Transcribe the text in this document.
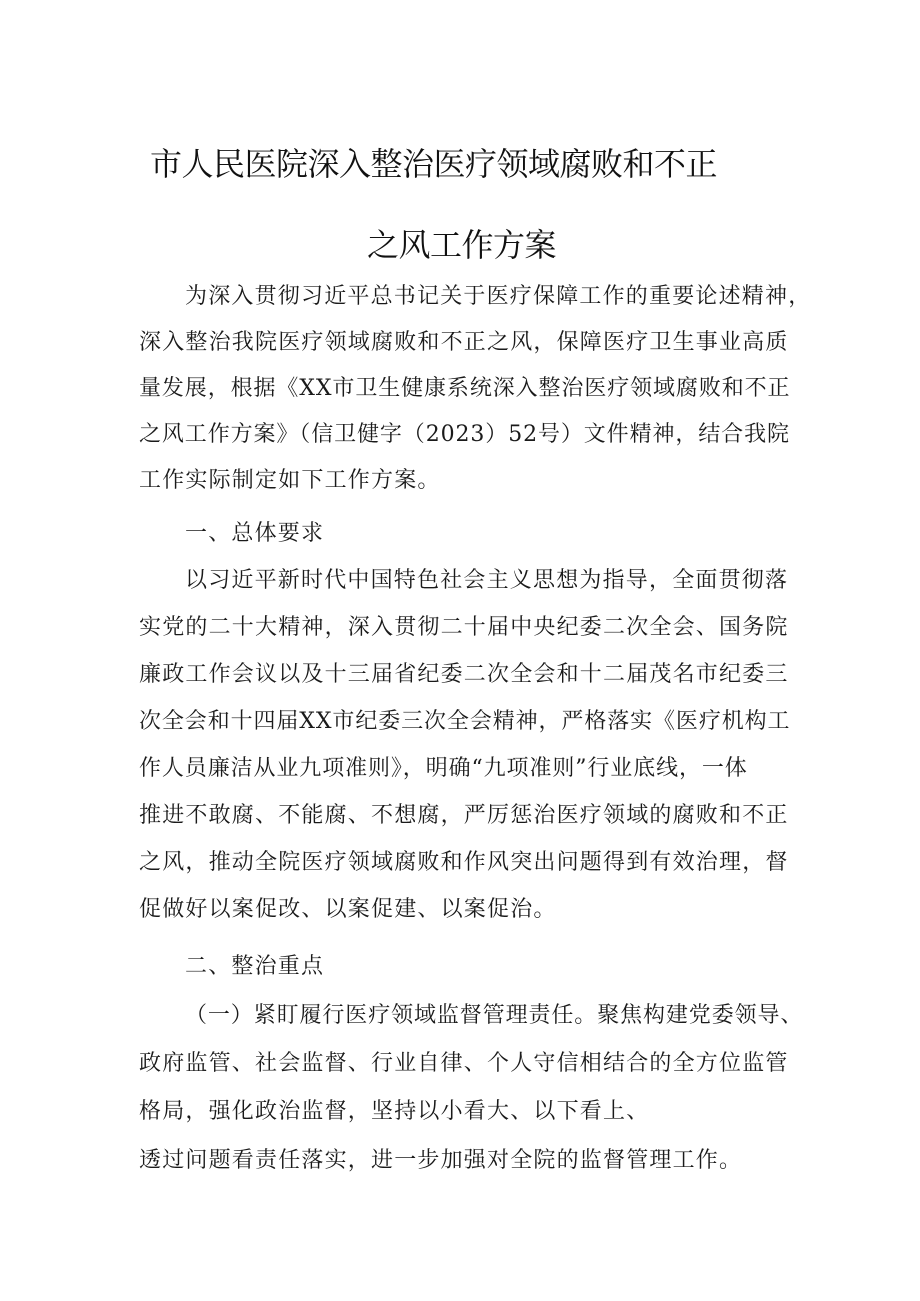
市人民医院深入整治医疗领域腐败和不正
之风工作方案
为深入贯彻习近平总书记关于医疗保障工作的重要论述精神，
深入整治我院医疗领域腐败和不正之风，保障医疗卫生事业高质
量发展，根据《XX市卫生健康系统深入整治医疗领域腐败和不正
之风工作方案》（信卫健字（2023）52号）文件精神，结合我院
工作实际制定如下工作方案。
一、总体要求
以习近平新时代中国特色社会主义思想为指导，全面贯彻落
实党的二十大精神，深入贯彻二十届中央纪委二次全会、国务院
廉政工作会议以及十三届省纪委二次全会和十二届茂名市纪委三
次全会和十四届XX市纪委三次全会精神，严格落实《医疗机构工
作人员廉洁从业九项准则》，明确“九项准则”行业底线，一体
推进不敢腐、不能腐、不想腐，严厉惩治医疗领域的腐败和不正
之风，推动全院医疗领域腐败和作风突出问题得到有效治理，督
促做好以案促改、以案促建、以案促治。
二、整治重点
（一）紧盯履行医疗领域监督管理责任。聚焦构建党委领导、
政府监管、社会监督、行业自律、个人守信相结合的全方位监管
格局，强化政治监督，坚持以小看大、以下看上、
透过问题看责任落实，进一步加强对全院的监督管理工作。
